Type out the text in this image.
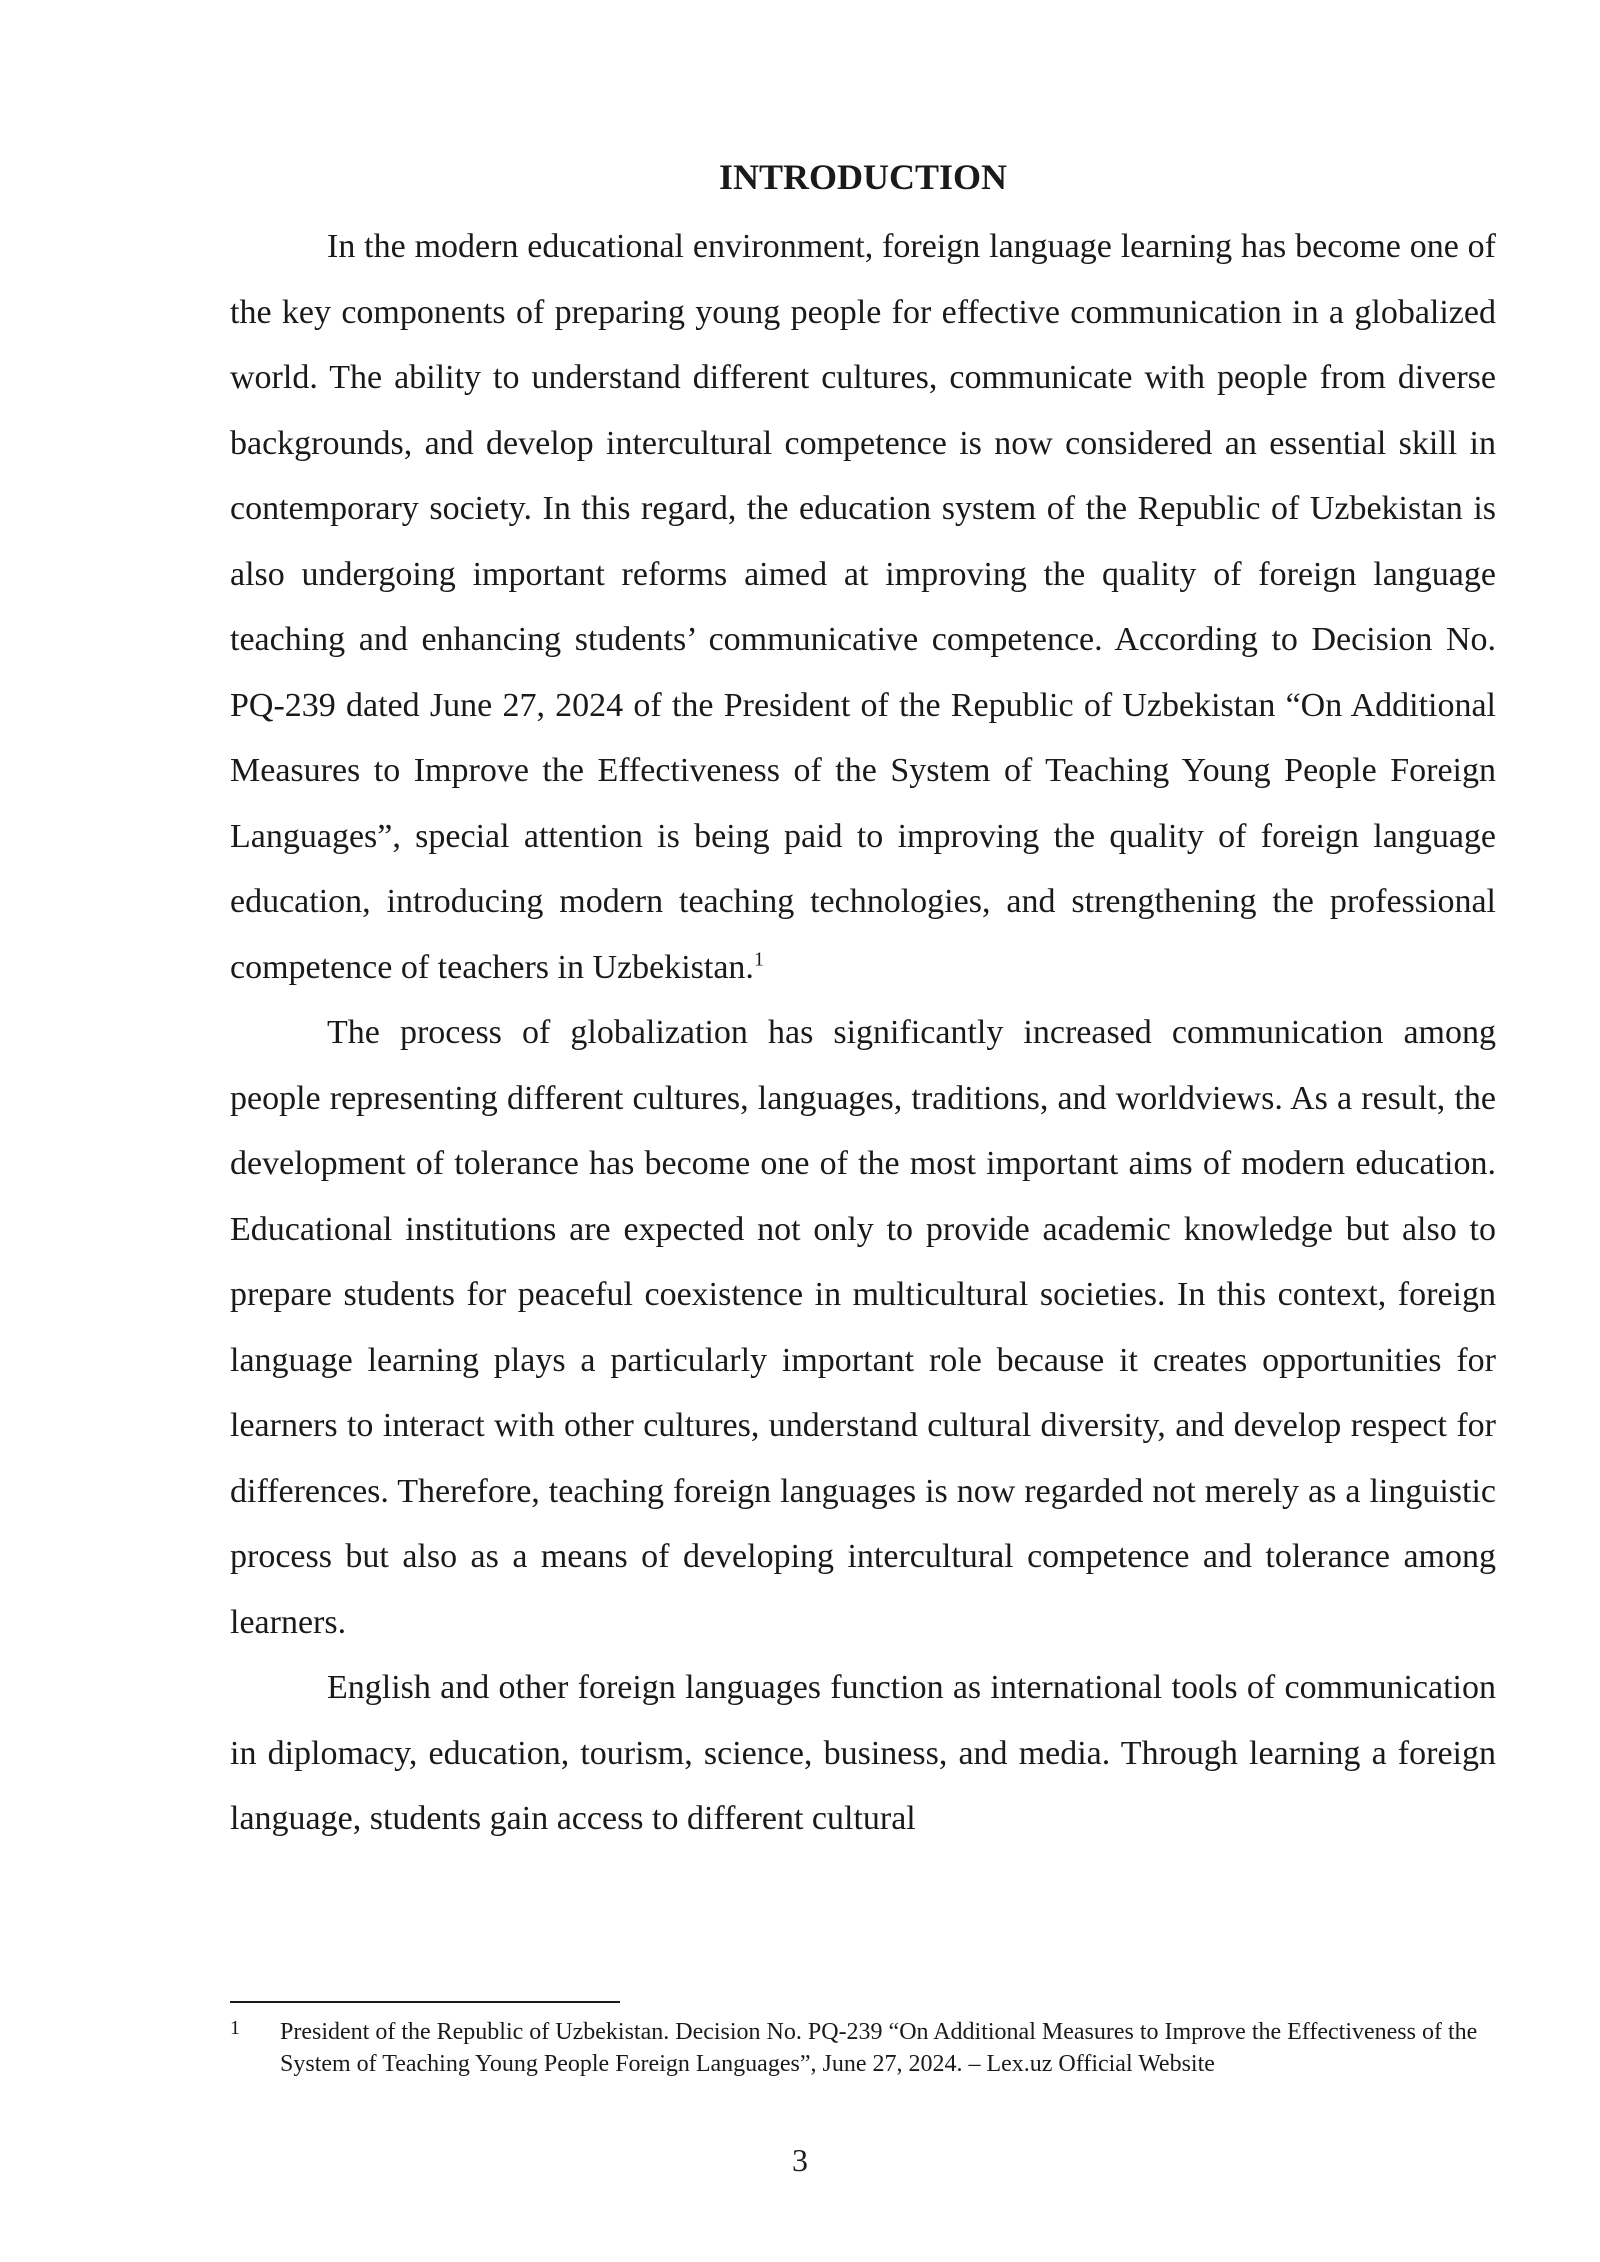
INTRODUCTION

In the modern educational environment, foreign language learning has become one of the key components of preparing young people for effective communication in a globalized world. The ability to understand different cultures, communicate with people from diverse backgrounds, and develop intercultural competence is now considered an essential skill in contemporary society. In this regard, the education system of the Republic of Uzbekistan is also undergoing important reforms aimed at improving the quality of foreign language teaching and enhancing students’ communicative competence. According to Decision No. PQ-239 dated June 27, 2024 of the President of the Republic of Uzbekistan “On Additional Measures to Improve the Effectiveness of the System of Teaching Young People Foreign Languages”, special attention is being paid to improving the quality of foreign language education, introducing modern teaching technologies, and strengthening the professional competence of teachers in Uzbekistan.$^1$

The process of globalization has significantly increased communication among people representing different cultures, languages, traditions, and worldviews. As a result, the development of tolerance has become one of the most important aims of modern education. Educational institutions are expected not only to provide academic knowledge but also to prepare students for peaceful coexistence in multicultural societies. In this context, foreign language learning plays a particularly important role because it creates opportunities for learners to interact with other cultures, understand cultural diversity, and develop respect for differences. Therefore, teaching foreign languages is now regarded not merely as a linguistic process but also as a means of developing intercultural competence and tolerance among learners.

English and other foreign languages function as international tools of communication in diplomacy, education, tourism, science, business, and media. Through learning a foreign language, students gain access to different cultural

1 President of the Republic of Uzbekistan. Decision No. PQ-239 “On Additional Measures to Improve the Effectiveness of the System of Teaching Young People Foreign Languages”, June 27, 2024. – Lex.uz Official Website
3
